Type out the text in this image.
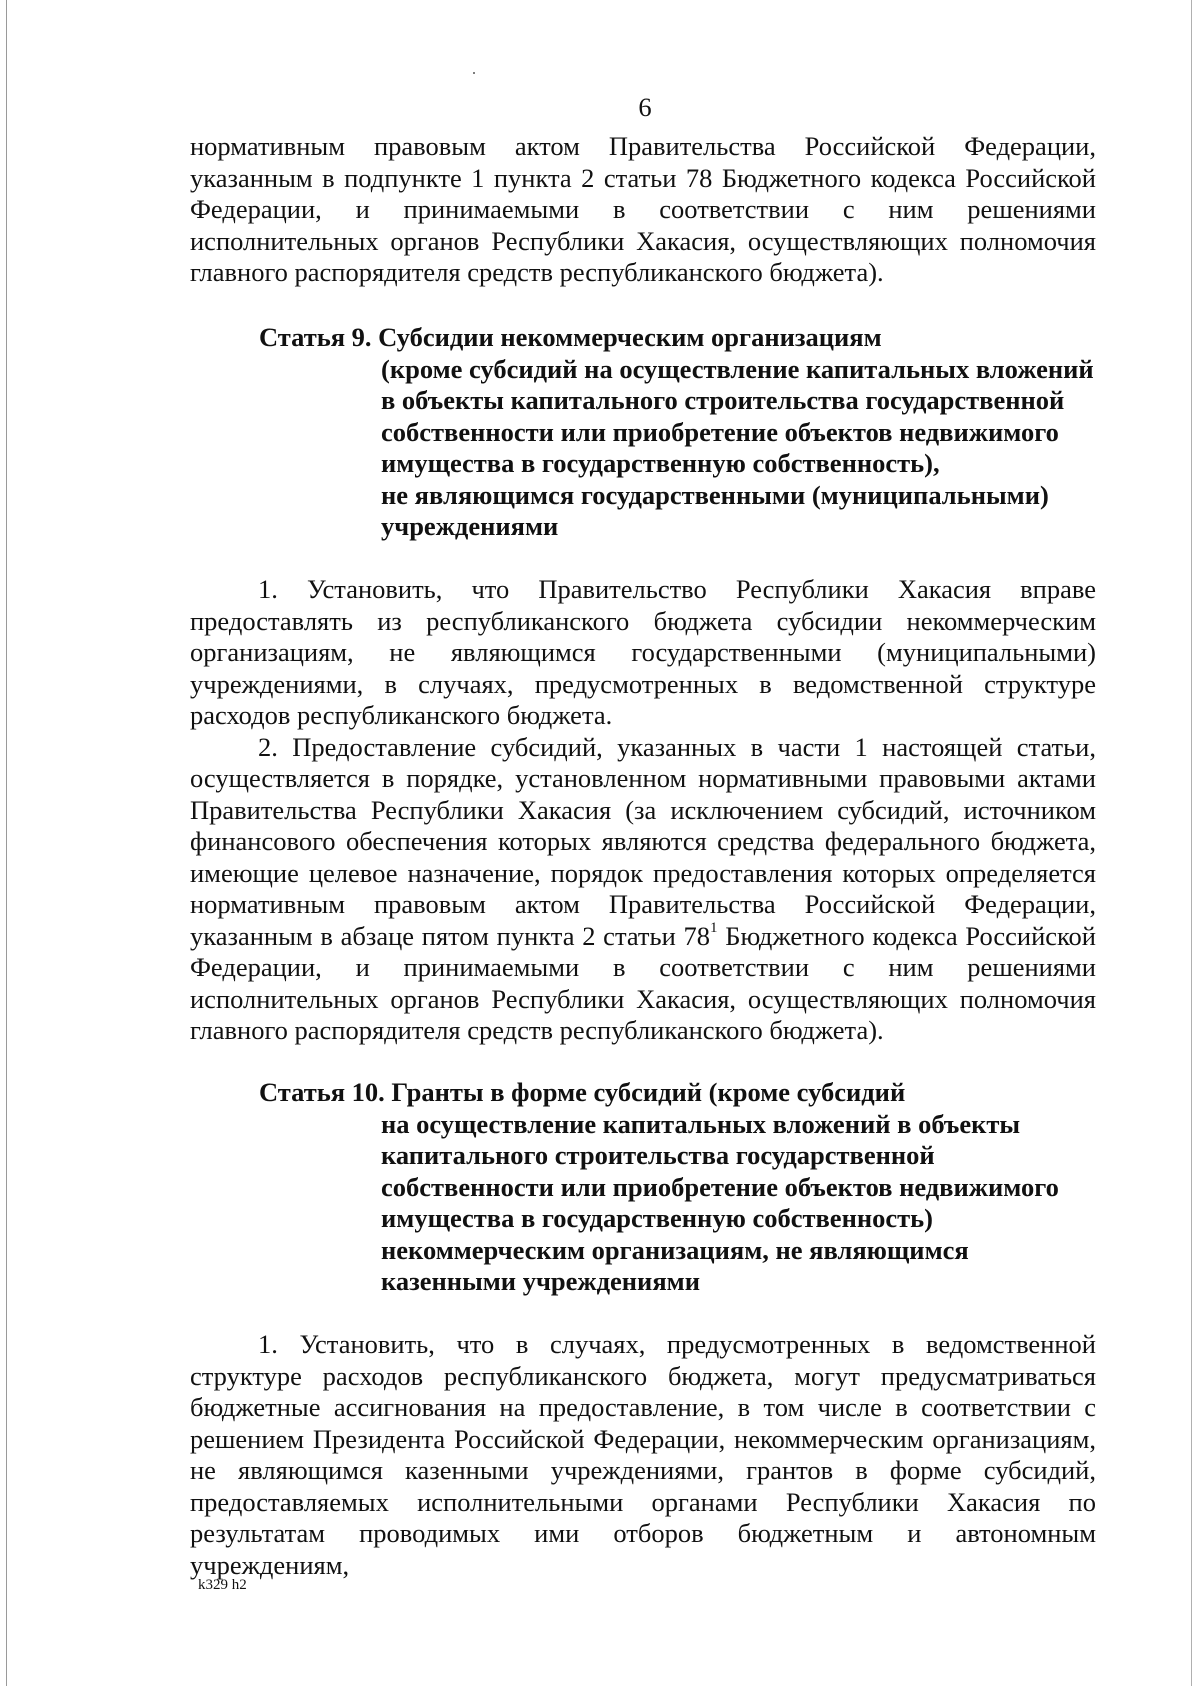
6

нормативным правовым актом Правительства Российской Федерации, указанным в подпункте 1 пункта 2 статьи 78 Бюджетного кодекса Российской Федерации, и принимаемыми в соответствии с ним решениями исполнительных органов Республики Хакасия, осуществляющих полномочия главного распорядителя средств республиканского бюджета).

Статья 9. Субсидии некоммерческим организациям
(кроме субсидий на осуществление капитальных вложений
в объекты капитального строительства государственной
собственности или приобретение объектов недвижимого
имущества в государственную собственность),
не являющимся государственными (муниципальными)
учреждениями

1. Установить, что Правительство Республики Хакасия вправе предоставлять из республиканского бюджета субсидии некоммерческим организациям, не являющимся государственными (муниципальными) учреждениями, в случаях, предусмотренных в ведомственной структуре расходов республиканского бюджета.

2. Предоставление субсидий, указанных в части 1 настоящей статьи, осуществляется в порядке, установленном нормативными правовыми актами Правительства Республики Хакасия (за исключением субсидий, источником финансового обеспечения которых являются средства федерального бюджета, имеющие целевое назначение, порядок предоставления которых определяется нормативным правовым актом Правительства Российской Федерации, указанным в абзаце пятом пункта 2 статьи $78^1$ Бюджетного кодекса Российской Федерации, и принимаемыми в соответствии с ним решениями исполнительных органов Республики Хакасия, осуществляющих полномочия главного распорядителя средств республиканского бюджета).

Статья 10. Гранты в форме субсидий (кроме субсидий
на осуществление капитальных вложений в объекты
капитального строительства государственной
собственности или приобретение объектов недвижимого
имущества в государственную собственность)
некоммерческим организациям, не являющимся
казенными учреждениями

1. Установить, что в случаях, предусмотренных в ведомственной структуре расходов республиканского бюджета, могут предусматриваться бюджетные ассигнования на предоставление, в том числе в соответствии с решением Президента Российской Федерации, некоммерческим организациям, не являющимся казенными учреждениями, грантов в форме субсидий, предоставляемых исполнительными органами Республики Хакасия по результатам проводимых ими отборов бюджетным и автономным учреждениям,

k329 h2
